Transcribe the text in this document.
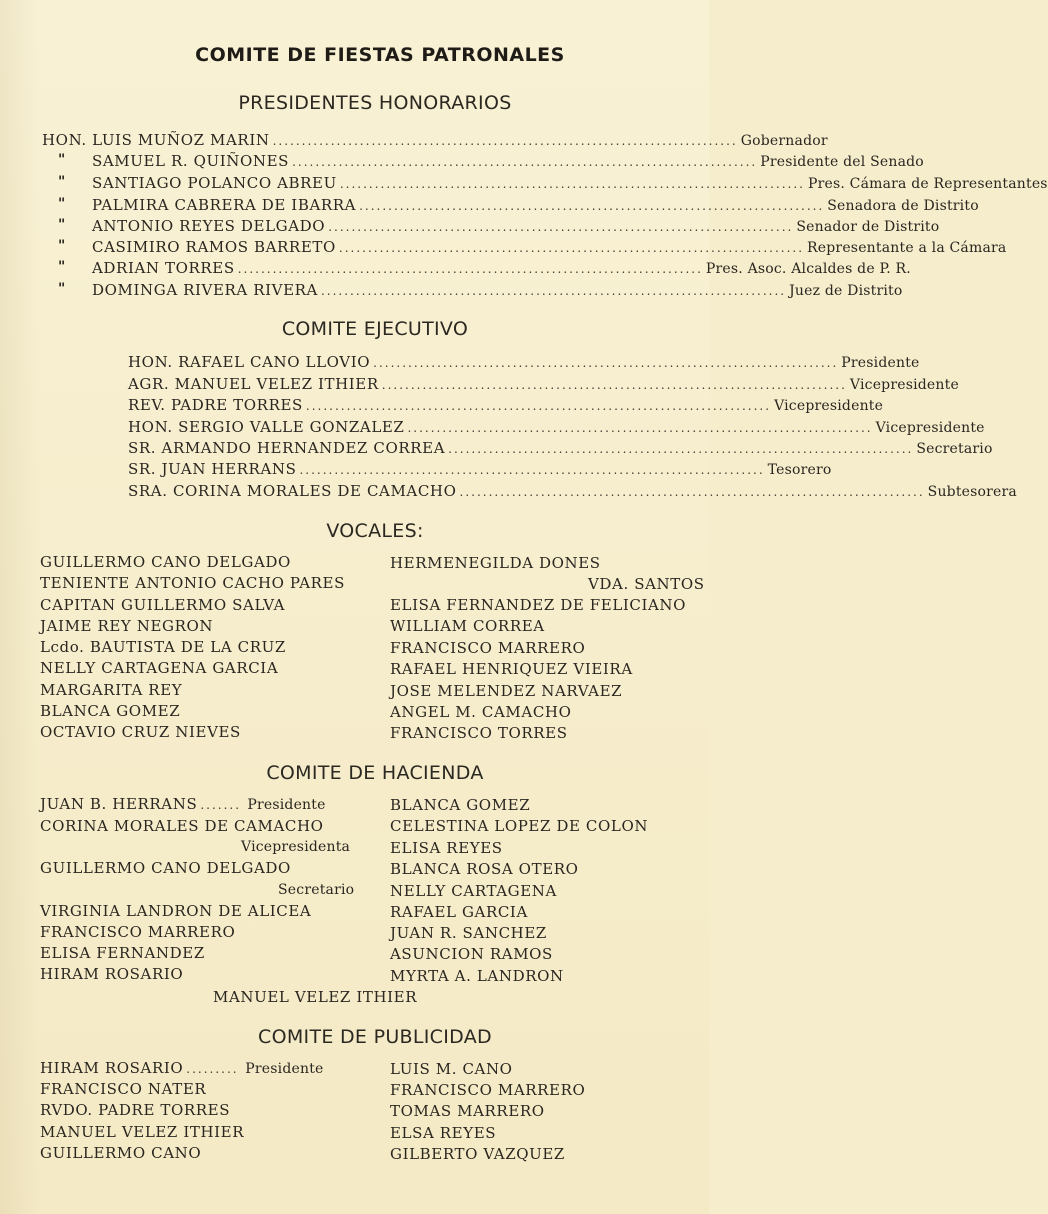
COMITE DE FIESTAS PATRONALES
PRESIDENTES HONORARIOS
HON. LUIS MUÑOZ MARIN ................................................................................ Gobernador
" SAMUEL R. QUIÑONES ................................................................................ Presidente del Senado
" SANTIAGO POLANCO ABREU ................................................................................ Pres. Cámara de Representantes
" PALMIRA CABRERA DE IBARRA ................................................................................ Senadora de Distrito
" ANTONIO REYES DELGADO ................................................................................ Senador de Distrito
" CASIMIRO RAMOS BARRETO ................................................................................ Representante a la Cámara
" ADRIAN TORRES ................................................................................ Pres. Asoc. Alcaldes de P. R.
" DOMINGA RIVERA RIVERA ................................................................................ Juez de Distrito
COMITE EJECUTIVO
HON. RAFAEL CANO LLOVIO ................................................................................ Presidente
AGR. MANUEL VELEZ ITHIER ................................................................................ Vicepresidente
REV. PADRE TORRES ................................................................................ Vicepresidente
HON. SERGIO VALLE GONZALEZ ................................................................................ Vicepresidente
SR. ARMANDO HERNANDEZ CORREA ................................................................................ Secretario
SR. JUAN HERRANS ................................................................................ Tesorero
SRA. CORINA MORALES DE CAMACHO ................................................................................ Subtesorera
VOCALES:
GUILLERMO CANO DELGADO
TENIENTE ANTONIO CACHO PARES
CAPITAN GUILLERMO SALVA
JAIME REY NEGRON
Lcdo. BAUTISTA DE LA CRUZ
NELLY CARTAGENA GARCIA
MARGARITA REY
BLANCA GOMEZ
OCTAVIO CRUZ NIEVES
HERMENEGILDA DONES
VDA. SANTOS
ELISA FERNANDEZ DE FELICIANO
WILLIAM CORREA
FRANCISCO MARRERO
RAFAEL HENRIQUEZ VIEIRA
JOSE MELENDEZ NARVAEZ
ANGEL M. CAMACHO
FRANCISCO TORRES
COMITE DE HACIENDA
JUAN B. HERRANS ....... Presidente
CORINA MORALES DE CAMACHO
Vicepresidenta
GUILLERMO CANO DELGADO
Secretario
VIRGINIA LANDRON DE ALICEA
FRANCISCO MARRERO
ELISA FERNANDEZ
HIRAM ROSARIO
BLANCA GOMEZ
CELESTINA LOPEZ DE COLON
ELISA REYES
BLANCA ROSA OTERO
NELLY CARTAGENA
RAFAEL GARCIA
JUAN R. SANCHEZ
ASUNCION RAMOS
MYRTA A. LANDRON
MANUEL VELEZ ITHIER
COMITE DE PUBLICIDAD
HIRAM ROSARIO ......... Presidente
FRANCISCO NATER
RVDO. PADRE TORRES
MANUEL VELEZ ITHIER
GUILLERMO CANO
LUIS M. CANO
FRANCISCO MARRERO
TOMAS MARRERO
ELSA REYES
GILBERTO VAZQUEZ
